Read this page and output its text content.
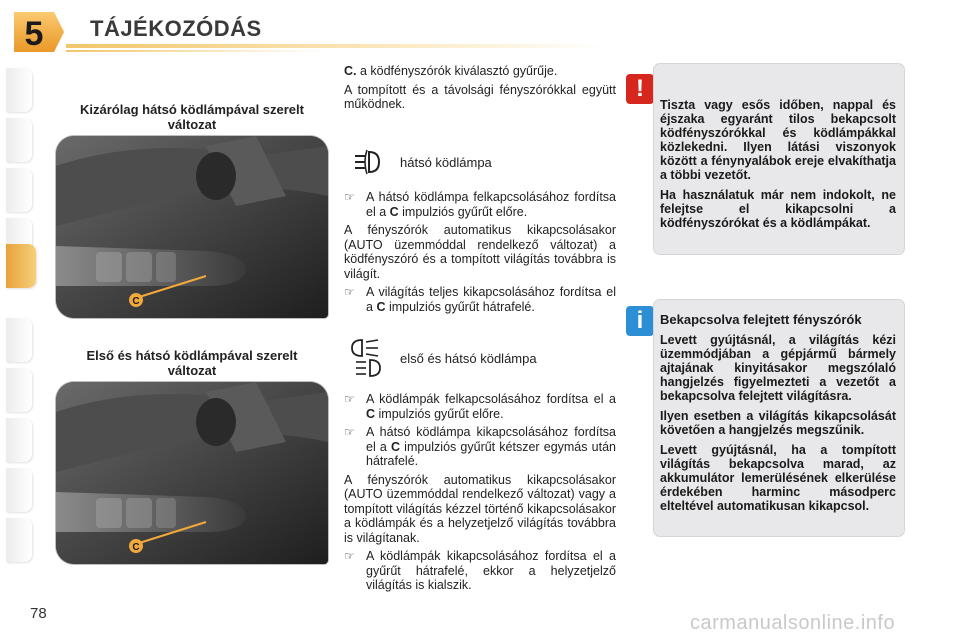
5 TÁJÉKOZÓDÁS
Kizárólag hátsó ködlámpával szerelt változat
C
Első és hátsó ködlámpával szerelt változat
C

C. a ködfényszórók kiválasztó gyűrűje.

A tompított és a távolsági fényszórókkal együtt működnek.

hátsó ködlámpa
☞ A hátsó ködlámpa felkapcsolásához fordítsa el a C impulziós gyűrűt előre.

A fényszórók automatikus kikapcsolásakor (AUTO üzemmóddal rendelkező változat) a ködfényszóró és a tompított világítás továbbra is világít.

☞ A világítás teljes kikapcsolásához fordítsa el a C impulziós gyűrűt hátrafelé.
első és hátsó ködlámpa
☞ A ködlámpák felkapcsolásához fordítsa el a C impulziós gyűrűt előre.
☞ A hátsó ködlámpa kikapcsolásához fordítsa el a C impulziós gyűrűt kétszer egymás után hátrafelé.

A fényszórók automatikus kikapcsolásakor (AUTO üzemmóddal rendelkező változat) vagy a tompított világítás kézzel történő kikapcsolásakor a ködlámpák és a helyzetjelző világítás továbbra is világítanak.

☞ A ködlámpák kikapcsolásához fordítsa el a gyűrűt hátrafelé, ekkor a helyzetjelző világítás is kialszik.
!

Tiszta vagy esős időben, nappal és éjszaka egyaránt tilos bekapcsolt ködfényszórókkal és ködlámpákkal közlekedni. Ilyen látási viszonyok között a fénynyalábok ereje elvakíthatja a többi vezetőt.

Ha használatuk már nem indokolt, ne felejtse el kikapcsolni a ködfényszórókat és a ködlámpákat.

i	Bekapcsolva felejtett fényszórók

Levett gyújtásnál, a világítás kézi üzemmódjában a gépjármű bármely ajtajának kinyitásakor megszólaló hangjelzés figyelmezteti a vezetőt a bekapcsolva felejtett világításra.

Ilyen esetben a világítás kikapcsolását követően a hangjelzés megszűnik.

Levett gyújtásnál, ha a tompított világítás bekapcsolva marad, az akkumulátor lemerülésének elkerülése érdekében harminc másodperc elteltével automatikusan kikapcsol.

78	carmanualsonline.info
